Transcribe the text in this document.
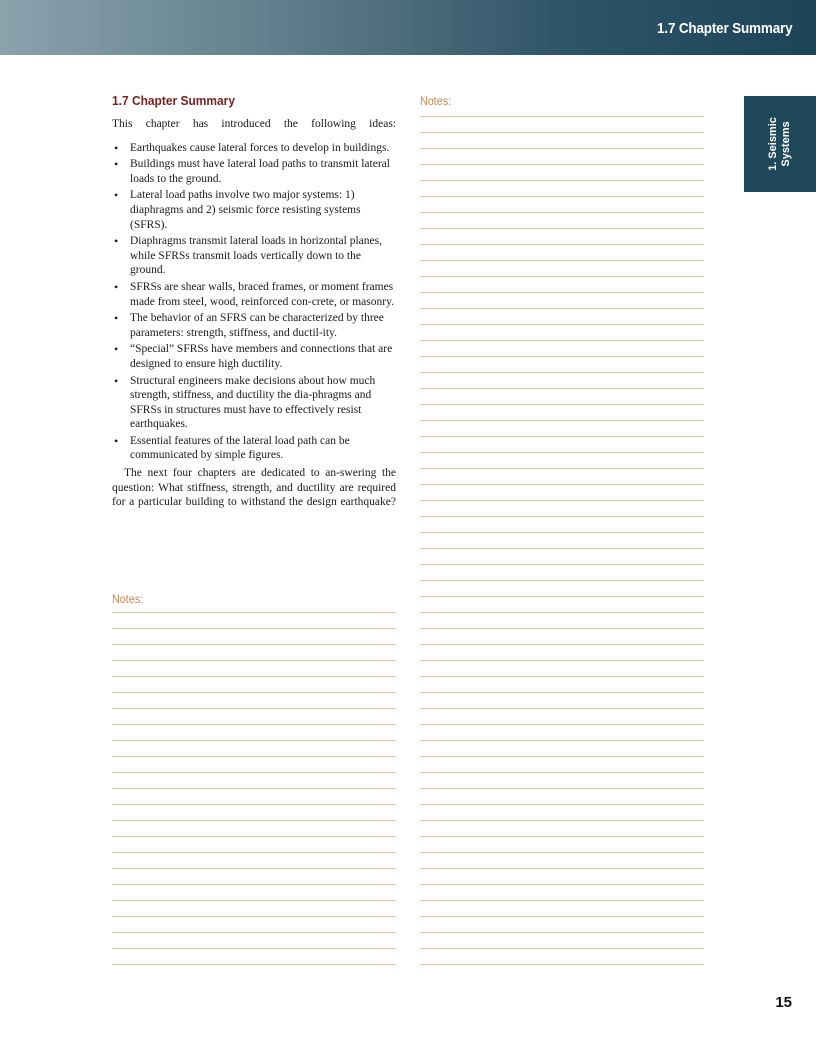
1.7 Chapter Summary
1. Seismic
Systems
1.7 Chapter Summary

This chapter has introduced the following ideas:

• Earthquakes cause lateral forces to develop in buildings.
• Buildings must have lateral load paths to transmit lateral loads to the ground.
• Lateral load paths involve two major systems: 1) diaphragms and 2) seismic force resisting systems (SFRS).
• Diaphragms transmit lateral loads in horizontal planes, while SFRSs transmit loads vertically down to the ground.
• SFRSs are shear walls, braced frames, or moment frames made from steel, wood, reinforced con-crete, or masonry.
• The behavior of an SFRS can be characterized by three parameters: strength, stiffness, and ductil-ity.
• “Special” SFRSs have members and connections that are designed to ensure high ductility.
• Structural engineers make decisions about how much strength, stiffness, and ductility the dia-phragms and SFRSs in structures must have to effectively resist earthquakes.
• Essential features of the lateral load path can be communicated by simple figures.

The next four chapters are dedicated to an-swering the question: What stiffness, strength, and ductility are required for a particular building to withstand the design earthquake?

Notes:
Notes:
15
